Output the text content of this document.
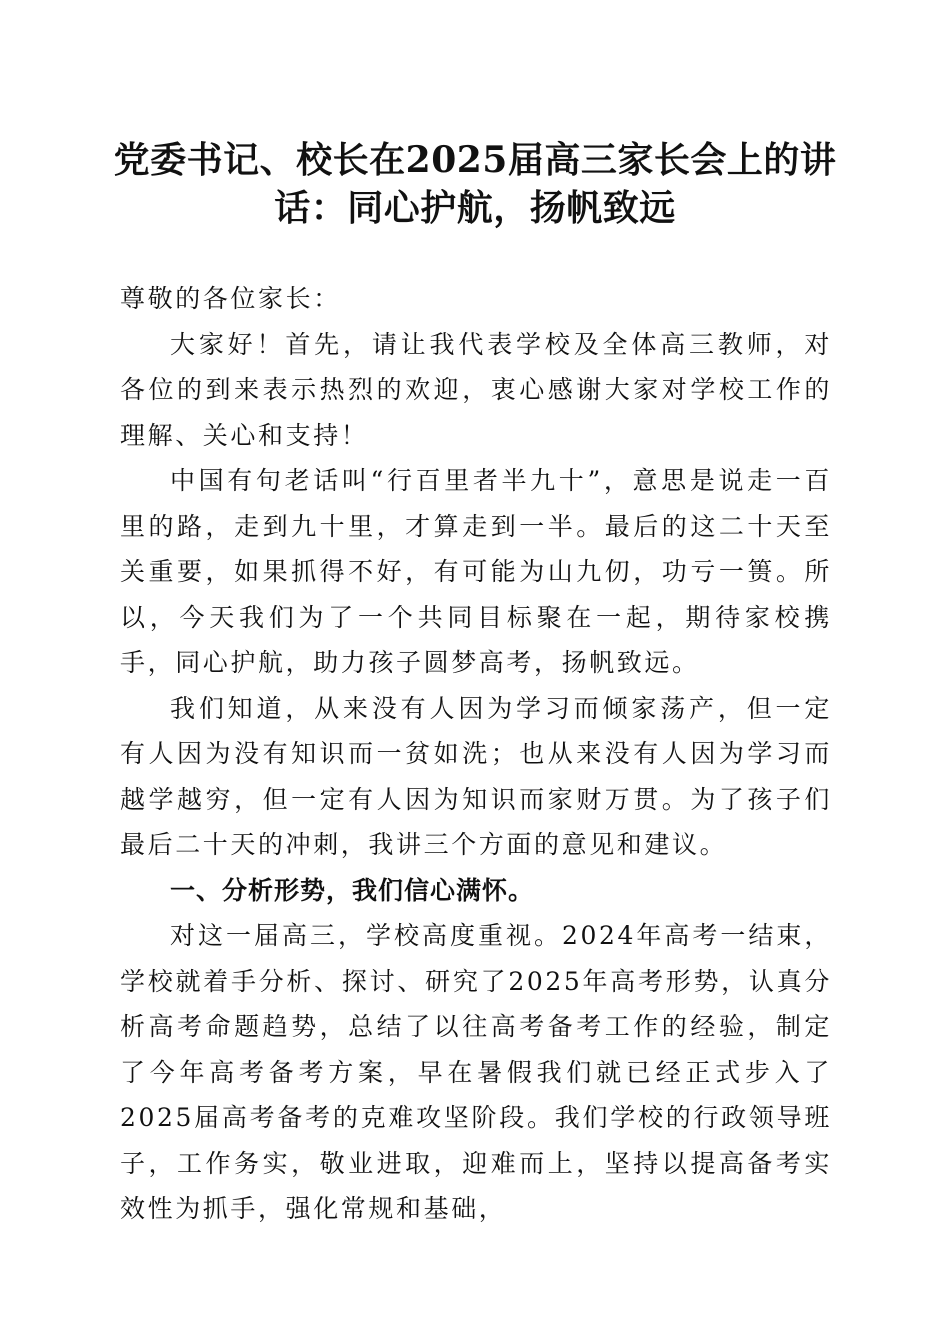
党委书记、校长在2025届高三家长会上的讲话：同心护航，扬帆致远

尊敬的各位家长：

大家好！首先，请让我代表学校及全体高三教师，对各位的到来表示热烈的欢迎，衷心感谢大家对学校工作的理解、关心和支持！

中国有句老话叫“行百里者半九十”，意思是说走一百里的路，走到九十里，才算走到一半。最后的这二十天至关重要，如果抓得不好，有可能为山九仞，功亏一篑。所以，今天我们为了一个共同目标聚在一起，期待家校携手，同心护航，助力孩子圆梦高考，扬帆致远。

我们知道，从来没有人因为学习而倾家荡产，但一定有人因为没有知识而一贫如洗；也从来没有人因为学习而越学越穷，但一定有人因为知识而家财万贯。为了孩子们最后二十天的冲刺，我讲三个方面的意见和建议。

一、分析形势，我们信心满怀。

对这一届高三，学校高度重视。2024年高考一结束，学校就着手分析、探讨、研究了2025年高考形势，认真分析高考命题趋势，总结了以往高考备考工作的经验，制定了今年高考备考方案，早在暑假我们就已经正式步入了2025届高考备考的克难攻坚阶段。我们学校的行政领导班子，工作务实，敬业进取，迎难而上，坚持以提高备考实效性为抓手，强化常规和基础，
